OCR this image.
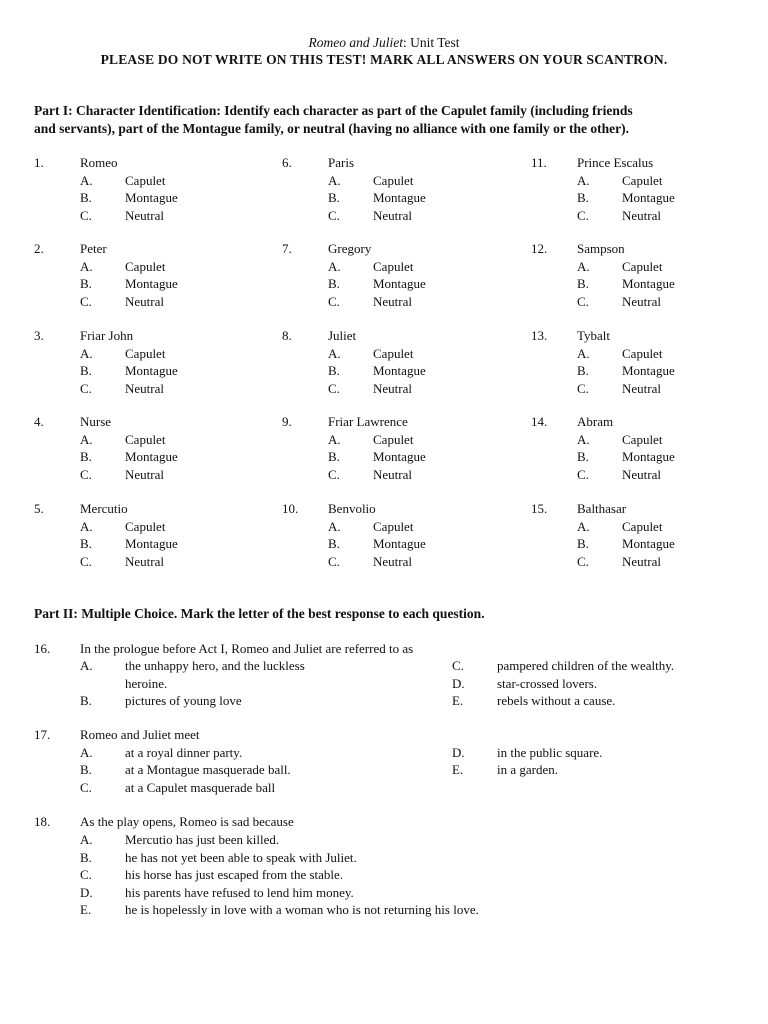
Romeo and Juliet: Unit Test
PLEASE DO NOT WRITE ON THIS TEST! MARK ALL ANSWERS ON YOUR SCANTRON.
Part I: Character Identification: Identify each character as part of the Capulet family (including friends
and servants), part of the Montague family, or neutral (having no alliance with one family or the other).
1.	Romeo
A. Capulet
B.	Montague
C.	Neutral
2.	Peter
A. Capulet
B.	Montague
C.	Neutral
3.	Friar John
A. Capulet
B.	Montague
C.	Neutral
4.	Nurse
A. Capulet
B.	Montague
C.	Neutral
5.	Mercutio
A. Capulet
B.	Montague
C.	Neutral
6.	Paris
A. Capulet
B.	Montague
C.	Neutral
7.	Gregory
A. Capulet
B.	Montague
C.	Neutral
8.	Juliet
A. Capulet
B.	Montague
C.	Neutral
9.	Friar Lawrence
A. Capulet
B.	Montague
C.	Neutral
10. Benvolio
A. Capulet
B.	Montague
C.	Neutral
11. Prince Escalus
A. Capulet
B.	Montague
C.	Neutral
12. Sampson
A. Capulet
B.	Montague
C.	Neutral
13. Tybalt
A. Capulet
B.	Montague
C.	Neutral
14. Abram
A. Capulet
B.	Montague
C.	Neutral
15. Balthasar
A. Capulet
B.	Montague
C.	Neutral
Part II: Multiple Choice. Mark the letter of the best response to each question.
16. In the prologue before Act I, Romeo and Juliet are referred to as
A. the unhappy hero, and the luckless
heroine.
B.	pictures of young love
C.	pampered children of the wealthy.
D. star-crossed lovers.
E.	rebels without a cause.
17. Romeo and Juliet meet
A. at a royal dinner party.
B.	at a Montague masquerade ball.
C.	at a Capulet masquerade ball
D. in the public square.
E.	in a garden.
18. As the play opens, Romeo is sad because
A. Mercutio has just been killed.
B.	he has not yet been able to speak with Juliet.
C.	his horse has just escaped from the stable.
D. his parents have refused to lend him money.
E.	he is hopelessly in love with a woman who is not returning his love.
